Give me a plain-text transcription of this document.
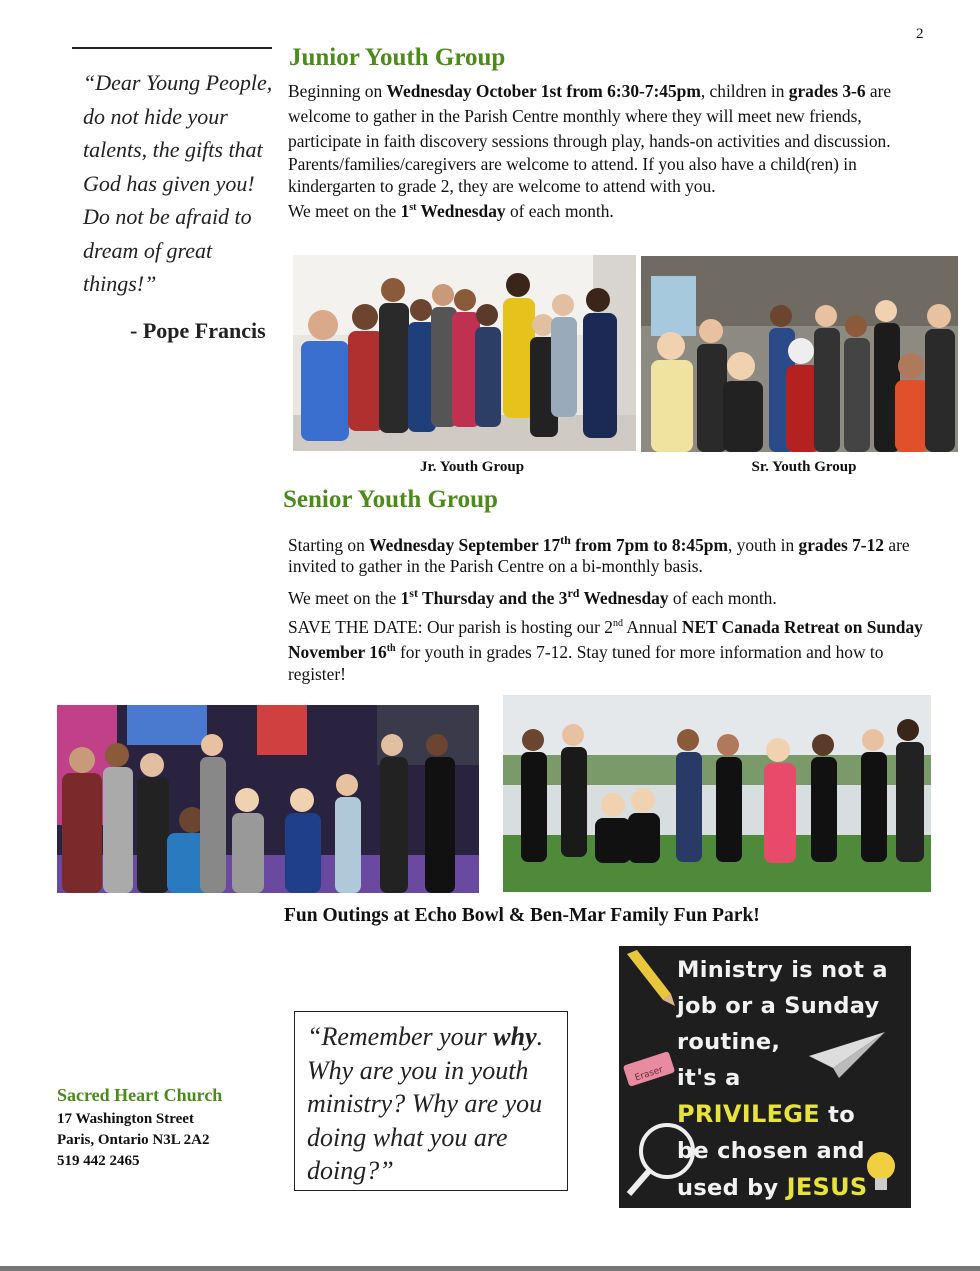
2
“Dear Young People, do not hide your talents, the gifts that God has given you! Do not be afraid to dream of great things!”
- Pope Francis
Junior Youth Group

Beginning on Wednesday October 1st from 6:30-7:45pm, children in grades 3-6 are welcome to gather in the Parish Centre monthly where they will meet new friends, participate in faith discovery sessions through play, hands-on activities and discussion.

Parents/families/caregivers are welcome to attend. If you also have a child(ren) in kindergarten to grade 2, they are welcome to attend with you.

We meet on the 1st Wednesday of each month.

Jr. Youth Group	Sr. Youth Group
Senior Youth Group

Starting on Wednesday September 17th from 7pm to 8:45pm, youth in grades 7-12 are invited to gather in the Parish Centre on a bi-monthly basis.

We meet on the 1st Thursday and the 3rd Wednesday of each month.

SAVE THE DATE: Our parish is hosting our 2nd Annual NET Canada Retreat on Sunday November 16th for youth in grades 7-12. Stay tuned for more information and how to register!

Fun Outings at Echo Bowl & Ben-Mar Family Fun Park!
Sacred Heart Church
17 Washington Street
Paris, Ontario N3L 2A2
519 442 2465
“Remember your why. Why are you in youth ministry? Why are you doing what you are doing?”
Eraser
Ministry is not a
job or a Sunday
routine,
it's a
PRIVILEGE to
be chosen and
used by JESUS
